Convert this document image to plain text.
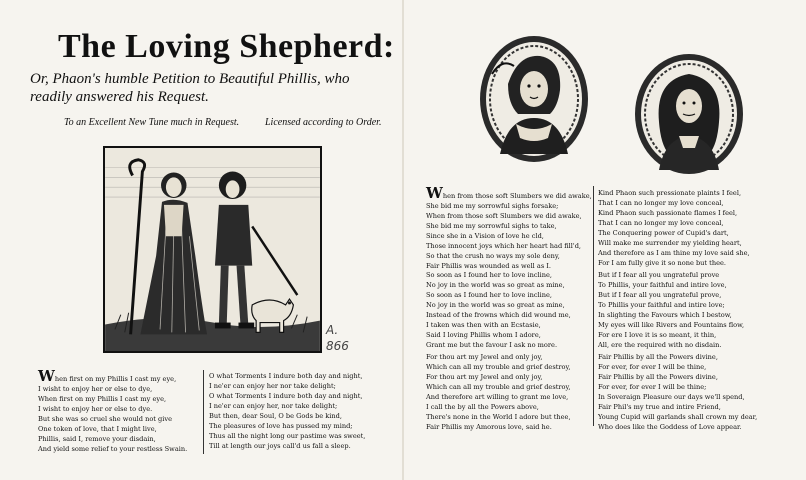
The Loving Shepherd:
Or, Phaon's humble Petition to Beautiful Phillis, who readily answered his Request.
To an Excellent New Tune much in Request.	Licensed according to Order.
A.
866

When first on my Phillis I cast my eye,

I wisht to enjoy her or else to dye,

When first on my Phillis I cast my eye,

I wisht to enjoy her or else to dye.

But she was so cruel she would not give

One token of love, that I might live,

Phillis, said I, remove your disdain,

And yield some relief to your restless Swain.

O what Torments I indure both day and night,

I ne'er can enjoy her nor take delight;

O what Torments I indure both day and night,

I ne'er can enjoy her, nor take delight;

But then, dear Soul, O be Gods be kind,

The pleasures of love has pussed my mind;

Thus all the night long our pastime was sweet,

Till at length our joys call'd us fall a sleep.

When from those soft Slumbers we did awake,

She bid me my sorrowful sighs forsake;

When from those soft Slumbers we did awake,

She bid me my sorrowful sighs to take,

Since she in a Vision of love he cld,

Those innocent joys which her heart had fill'd,

So that the crush no ways my sole deny,

Fair Phillis was wounded as well as I.

So soon as I found her to love incline,

No joy in the world was so great as mine,

So soon as I found her to love incline,

No joy in the world was so great as mine,

Instead of the frowns which did wound me,

I taken was then with an Ecstasie,

Said I loving Phillis whom I adore,

Grant me but the favour I ask no more.

For thou art my Jewel and only joy,

Which can all my trouble and grief destroy,

For thou art my Jewel and only joy,

Which can all my trouble and grief destroy,

And therefore art willing to grant me love,

I call the by all the Powers above,

There's none in the World I adore but thee,

Fair Phillis my Amorous love, said he.

Kind Phaon such pressionate plaints I feel,

That I can no longer my love conceal,

Kind Phaon such passionate flames I feel,

That I can no longer my love conceal,

The Conquering power of Cupid's dart,

Will make me surrender my yielding heart,

And therefore as I am thine my love said she,

For I am fully give it so none but thee.

But if I fear all you ungrateful prove

To Phillis, your faithful and intire love,

But if I fear all you ungrateful prove,

To Phillis your faithful and intire love;

In slighting the Favours which I bestow,

My eyes will like Rivers and Fountains flow,

For ere I love it is so meant, it thin,

All, ere the required with no disdain.

Fair Phillis by all the Powers divine,

For ever, for ever I will be thine,

Fair Phillis by all the Powers divine,

For ever, for ever I will be thine;

In Soveraign Pleasure our days we'll spend,

Fair Phil's my true and intire Friend,

Young Cupid will garlands shall crown my dear,

Who does like the Goddess of Love appear.
